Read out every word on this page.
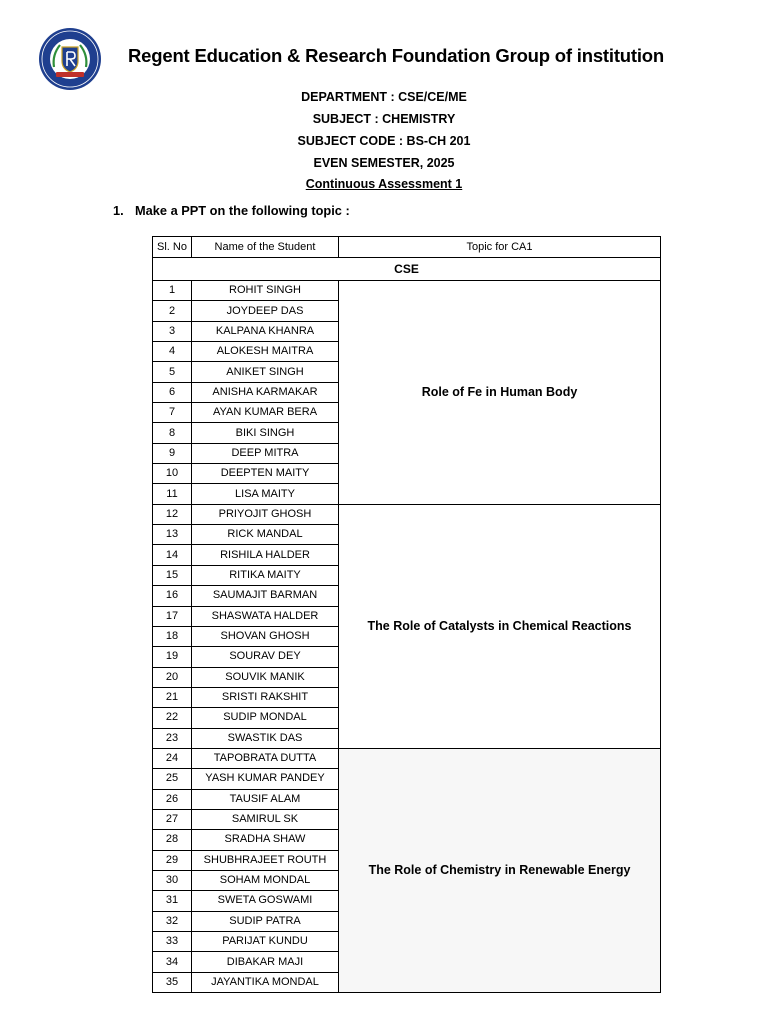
Regent Education & Research Foundation Group of institution
DEPARTMENT : CSE/CE/ME
SUBJECT : CHEMISTRY
SUBJECT CODE : BS-CH 201
EVEN SEMESTER, 2025
Continuous Assessment 1
1. Make a PPT on the following topic :
Sl. No	Name of the Student	Topic for CA1
CSE		
1	ROHIT SINGH	Role of Fe in Human Body
2	JOYDEEP DAS	
3	KALPANA KHANRA	
4	ALOKESH MAITRA	
5	ANIKET SINGH	
6	ANISHA KARMAKAR	
7	AYAN KUMAR BERA	
8	BIKI SINGH	
9	DEEP MITRA	
10	DEEPTEN MAITY	
11	LISA MAITY	
12	PRIYOJIT GHOSH	The Role of Catalysts in Chemical Reactions
13	RICK MANDAL	
14	RISHILA HALDER	
15	RITIKA MAITY	
16	SAUMAJIT BARMAN	
17	SHASWATA HALDER	
18	SHOVAN GHOSH	
19	SOURAV DEY	
20	SOUVIK MANIK	
21	SRISTI RAKSHIT	
22	SUDIP MONDAL	
23	SWASTIK DAS	
24	TAPOBRATA DUTTA	The Role of Chemistry in Renewable Energy
25	YASH KUMAR PANDEY	
26	TAUSIF ALAM	
27	SAMIRUL SK	
28	SRADHA SHAW	
29	SHUBHRAJEET ROUTH	
30	SOHAM MONDAL	
31	SWETA GOSWAMI	
32	SUDIP PATRA	
33	PARIJAT KUNDU	
34	DIBAKAR MAJI	
35	JAYANTIKA MONDAL	
